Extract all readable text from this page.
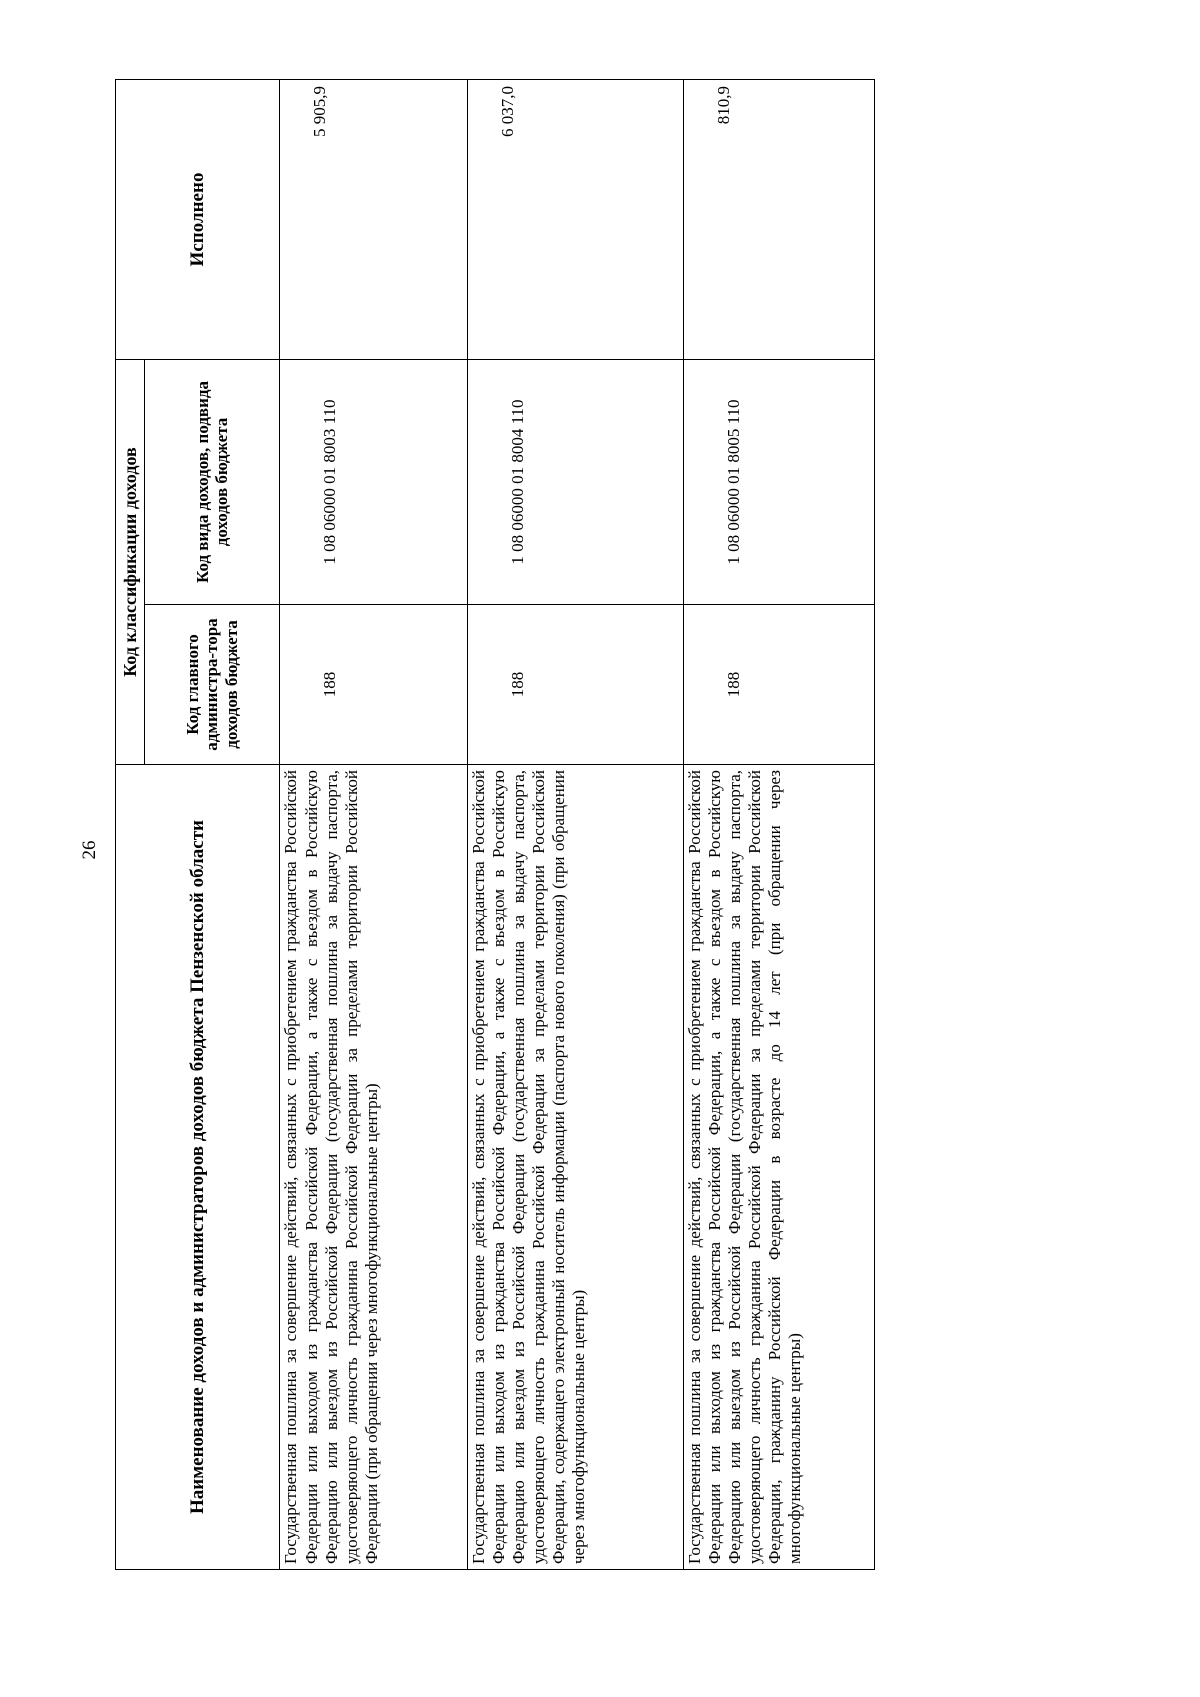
26	Наименование доходов и администраторов доходов бюджета Пензенской области	Код классификации доходов		Исполнено
	Код главного администра-тора доходов бюджета	Код вида доходов, подвида доходов бюджета	
Государственная пошлина за совершение действий, связанных с приобретением гражданства Российской Федерации или выходом из гражданства Российской Федерации, а также с въездом в Российскую Федерацию или выездом из Российской Федерации (государственная пошлина за выдачу паспорта, удостоверяющего личность гражданина Российской Федерации за пределами территории Российской Федерации (при обращении через многофункциональные центры)	188	1 08 06000 01 8003 110	5 905,9
Государственная пошлина за совершение действий, связанных с приобретением гражданства Российской Федерации или выходом из гражданства Российской Федерации, а также с въездом в Российскую Федерацию или выездом из Российской Федерации (государственная пошлина за выдачу паспорта, удостоверяющего личность гражданина Российской Федерации за пределами территории Российской Федерации, содержащего электронный носитель информации (паспорта нового поколения) (при обращении через многофункциональные центры)	188	1 08 06000 01 8004 110	6 037,0
Государственная пошлина за совершение действий, связанных с приобретением гражданства Российской Федерации или выходом из гражданства Российской Федерации, а также с въездом в Российскую Федерацию или выездом из Российской Федерации (государственная пошлина за выдачу паспорта, удостоверяющего личность гражданина Российской Федерации за пределами территории Российской Федерации, гражданину Российской Федерации в возрасте до 14 лет (при обращении через многофункциональные центры)	188	1 08 06000 01 8005 110	810,9
